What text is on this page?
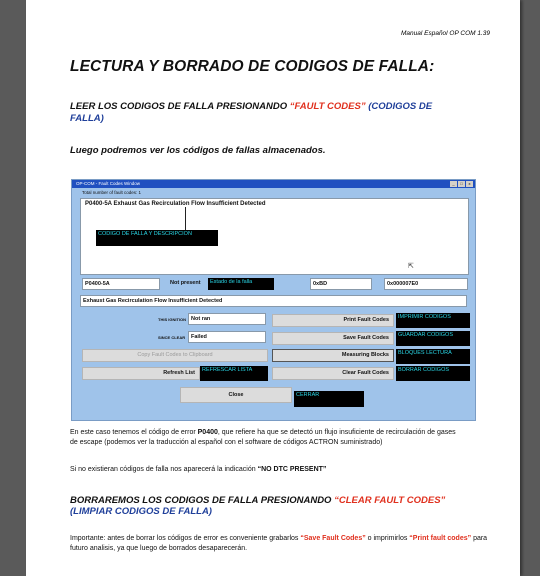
Manual Español OP COM 1.39
LECTURA Y BORRADO DE CODIGOS DE FALLA:
LEER LOS CODIGOS DE FALLA PRESIONANDO “FAULT CODES” (CODIGOS DE FALLA)
Luego podremos ver los códigos de fallas almacenados.
OP-COM - Fault Codes Window	_	□	x
Total number of fault codes: 1
P0400-5A Exhaust Gas Recirculation Flow Insufficient Detected
⇱
CODIGO DE FALLA Y DESCRIPCION
P0400-5A	Not present	Estado de la falla	0xBD	0x000007E0
Exhaust Gas Recirculation Flow Insufficient Detected
THIS IGNITION Not ran
SINCE CLEAR	Failed
Print Fault Codes	IMPRIMIR CODIGOS
Save Fault Codes	GUARDAR CODIGOS
Copy Fault Codes to Clipboard	Measuring Blocks	BLOQUES LECTURA
Refresh List	REFRESCAR LISTA	Clear Fault Codes	BORRAR CODIGOS
Close	CERRAR
En este caso tenemos el código de error P0400, que refiere ha que se detectó un flujo insuficiente de recirculación de gases de escape (podemos ver la traducción al español con el software de códigos ACTRON suministrado)
Si no existieran códigos de falla nos aparecerá la indicación “NO DTC PRESENT”
BORRAREMOS LOS CODIGOS DE FALLA PRESIONANDO “CLEAR FAULT CODES” (LIMPIAR CODIGOS DE FALLA)
Importante: antes de borrar los códigos de error es conveniente grabarlos “Save Fault Codes” o imprimirlos “Print fault codes” para futuro analisis, ya que luego de borrados desaparecerán.
